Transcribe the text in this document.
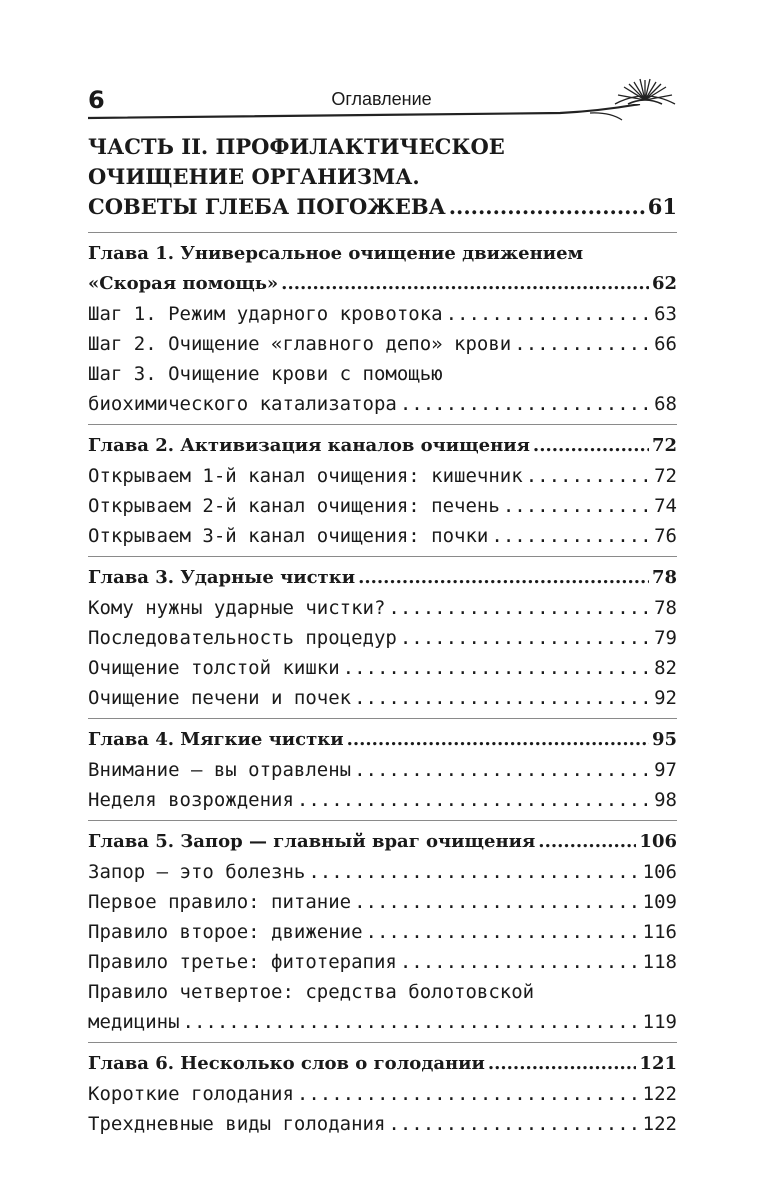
6	Оглавление
ЧАСТЬ II. ПРОФИЛАКТИЧЕСКОЕ
ОЧИЩЕНИЕ ОРГАНИЗМА.
СОВЕТЫ ГЛЕБА ПОГОЖЕВА .....	61
Глава 1. Универсальное очищение движением
«Скорая помощь» .....	62
Шаг 1. Режим ударного кровотока .....	63
Шаг 2. Очищение «главного депо» крови .....	66
Шаг 3. Очищение крови с помощью
биохимического катализатора .....	68
Глава 2. Активизация каналов очищения .....	72
Открываем 1-й канал очищения: кишечник .....	72
Открываем 2-й канал очищения: печень .....	74
Открываем 3-й канал очищения: почки .....	76
Глава 3. Ударные чистки .....	78
Кому нужны ударные чистки? .....	78
Последовательность процедур .....	79
Очищение толстой кишки .....	82
Очищение печени и почек .....	92
Глава 4. Мягкие чистки .....	95
Внимание — вы отравлены .....	97
Неделя возрождения .....	98
Глава 5. Запор — главный враг очищения .....	106
Запор — это болезнь .....	106
Первое правило: питание .....	109
Правило второе: движение .....	116
Правило третье: фитотерапия .....	118
Правило четвертое: средства болотовской
медицины .....	119
Глава 6. Несколько слов о голодании .....	121
Короткие голодания .....	122
Трехдневные виды голодания .....	122
